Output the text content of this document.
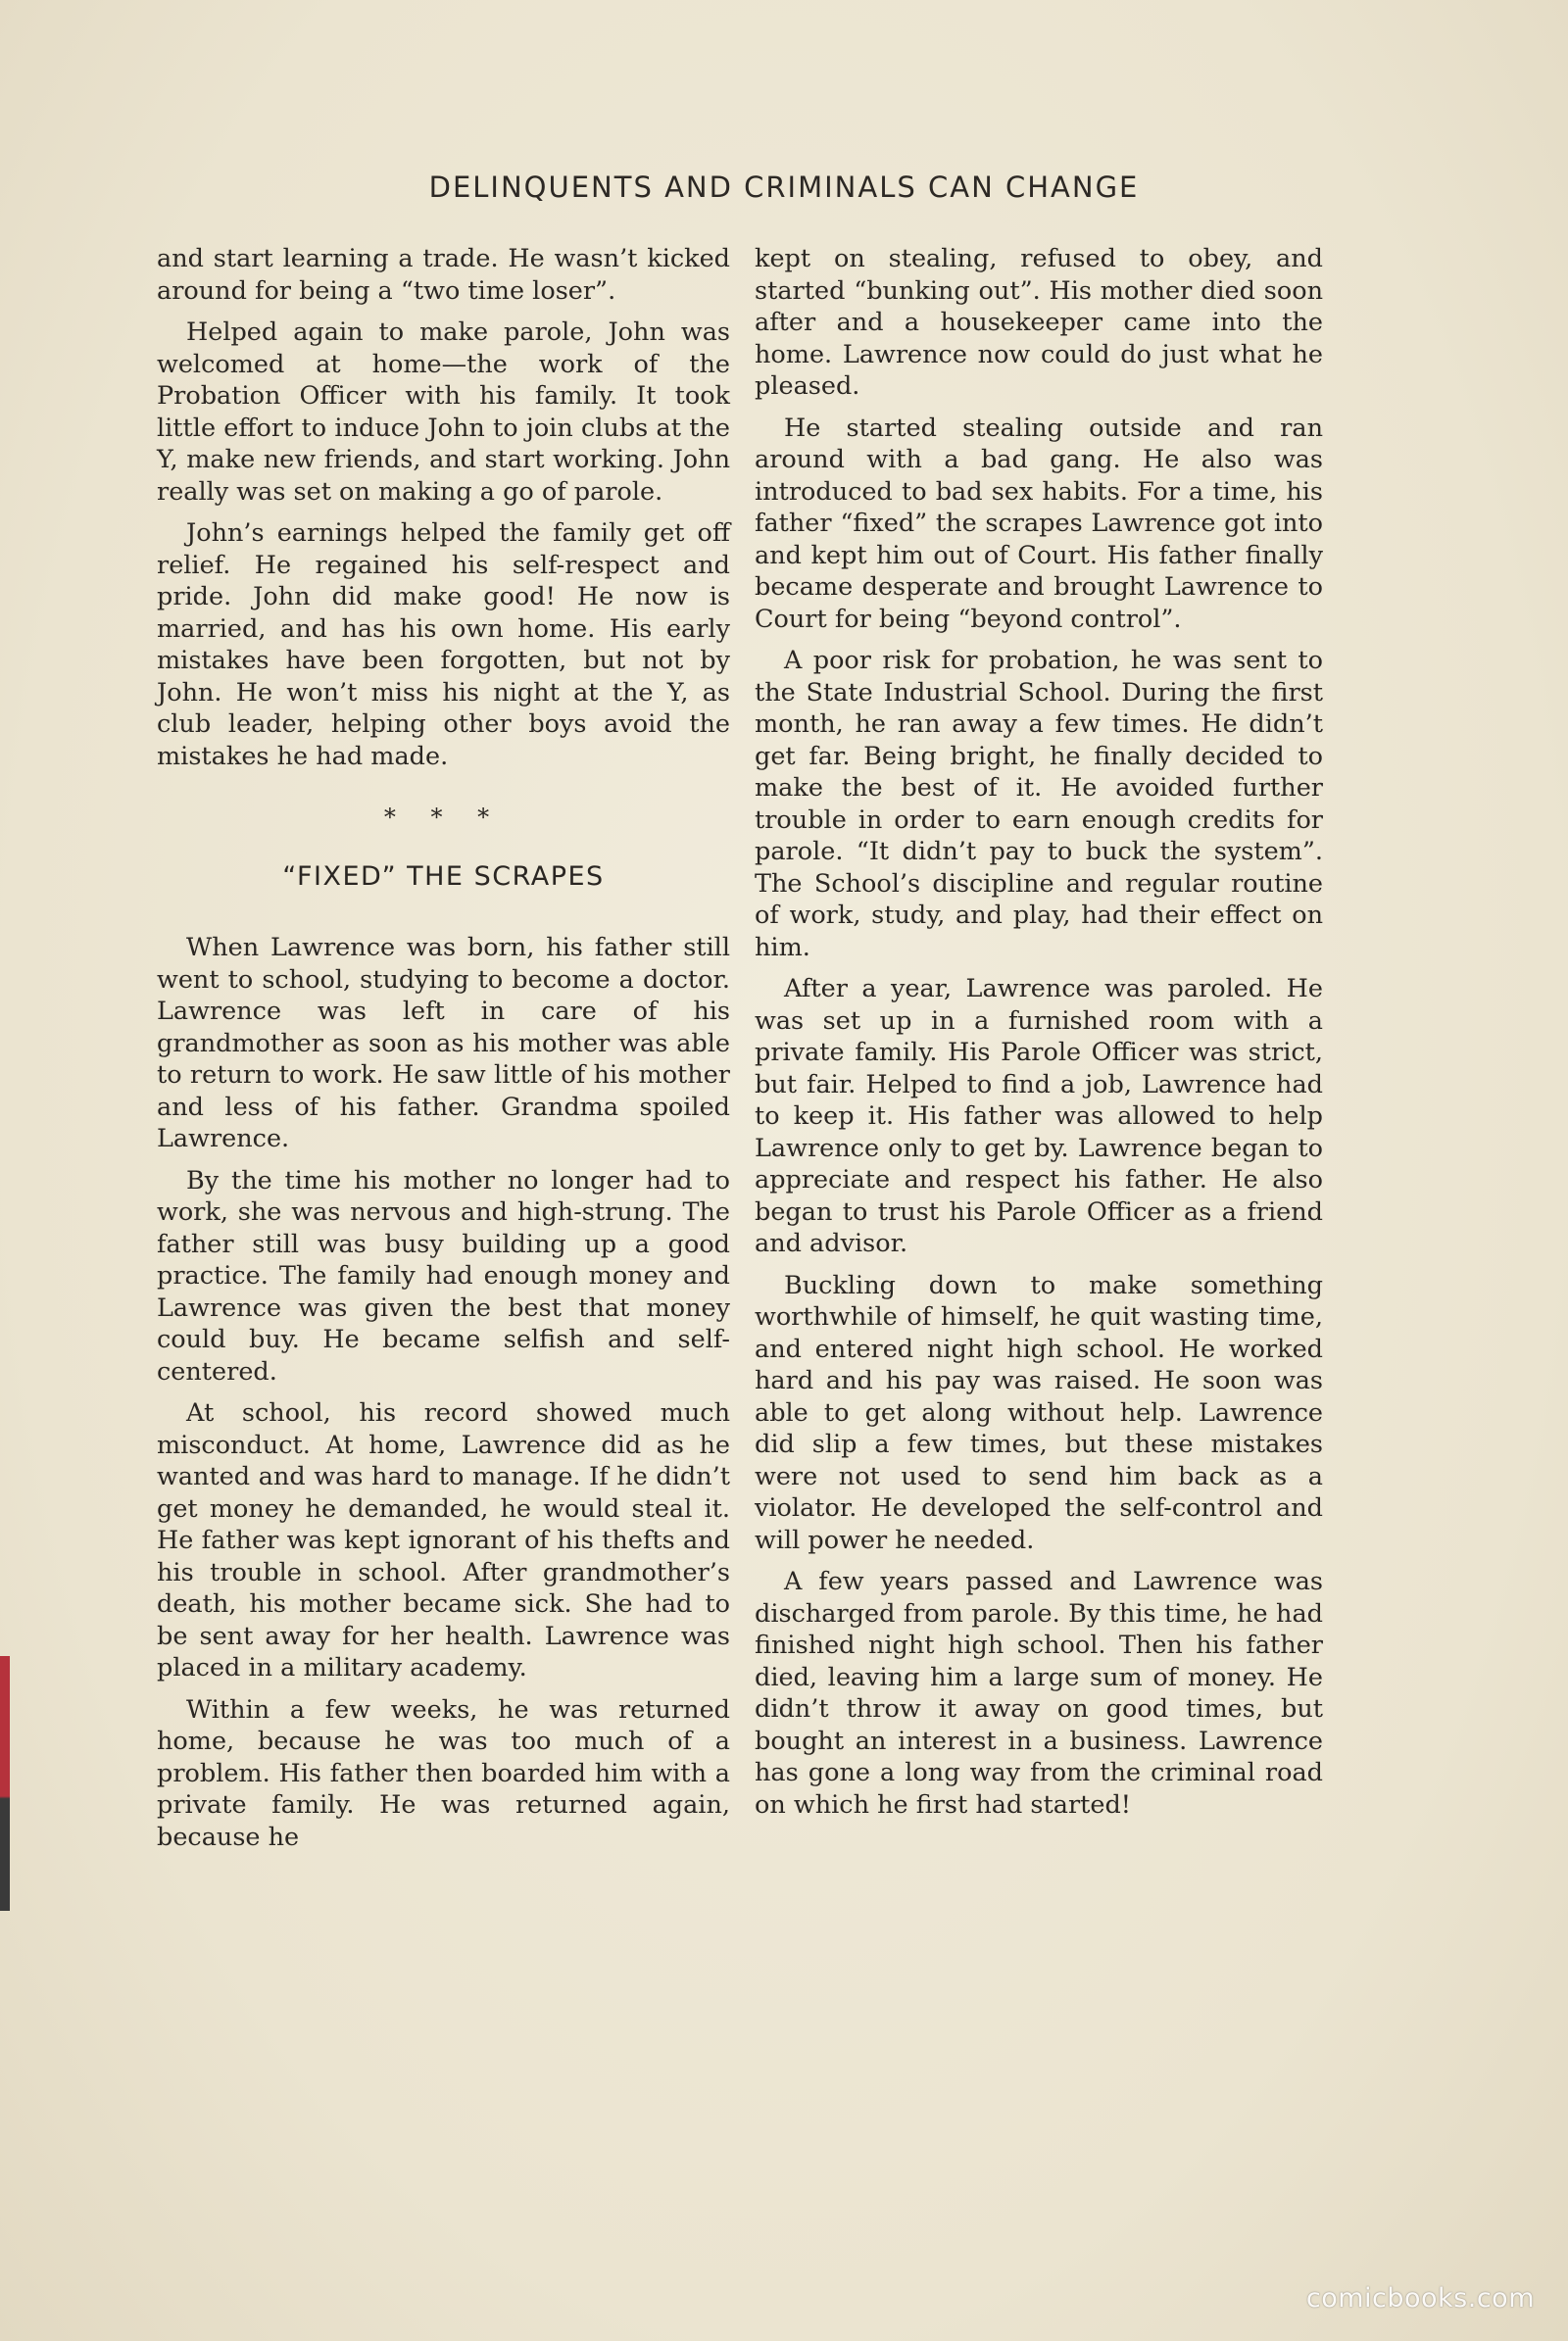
DELINQUENTS AND CRIMINALS CAN CHANGE

and start learning a trade. He wasn’t kicked around for being a “two time loser”.

Helped again to make parole, John was welcomed at home—the work of the Probation Officer with his family. It took little effort to induce John to join clubs at the Y, make new friends, and start working. John really was set on making a go of parole.

John’s earnings helped the family get off relief. He regained his self-respect and pride. John did make good! He now is married, and has his own home. His early mistakes have been forgotten, but not by John. He won’t miss his night at the Y, as club leader, helping other boys avoid the mistakes he had made.

* * *
“FIXED” THE SCRAPES

When Lawrence was born, his father still went to school, studying to become a doctor. Lawrence was left in care of his grandmother as soon as his mother was able to return to work. He saw little of his mother and less of his father. Grandma spoiled Lawrence.

By the time his mother no longer had to work, she was nervous and high-strung. The father still was busy building up a good practice. The family had enough money and Lawrence was given the best that money could buy. He became selfish and self-centered.

At school, his record showed much misconduct. At home, Lawrence did as he wanted and was hard to manage. If he didn’t get money he demanded, he would steal it. He father was kept ignorant of his thefts and his trouble in school. After grandmother’s death, his mother became sick. She had to be sent away for her health. Lawrence was placed in a military academy.

Within a few weeks, he was returned home, because he was too much of a problem. His father then boarded him with a private family. He was returned again, because he

kept on stealing, refused to obey, and started “bunking out”. His mother died soon after and a housekeeper came into the home. Lawrence now could do just what he pleased.

He started stealing outside and ran around with a bad gang. He also was introduced to bad sex habits. For a time, his father “fixed” the scrapes Lawrence got into and kept him out of Court. His father finally became desperate and brought Lawrence to Court for being “beyond control”.

A poor risk for probation, he was sent to the State Industrial School. During the first month, he ran away a few times. He didn’t get far. Being bright, he finally decided to make the best of it. He avoided further trouble in order to earn enough credits for parole. “It didn’t pay to buck the system”. The School’s discipline and regular routine of work, study, and play, had their effect on him.

After a year, Lawrence was paroled. He was set up in a furnished room with a private family. His Parole Officer was strict, but fair. Helped to find a job, Lawrence had to keep it. His father was allowed to help Lawrence only to get by. Lawrence began to appreciate and respect his father. He also began to trust his Parole Officer as a friend and advisor.

Buckling down to make something worthwhile of himself, he quit wasting time, and entered night high school. He worked hard and his pay was raised. He soon was able to get along without help. Lawrence did slip a few times, but these mistakes were not used to send him back as a violator. He developed the self-control and will power he needed.

A few years passed and Lawrence was discharged from parole. By this time, he had finished night high school. Then his father died, leaving him a large sum of money. He didn’t throw it away on good times, but bought an interest in a business. Lawrence has gone a long way from the criminal road on which he first had started!

comicbooks.com
